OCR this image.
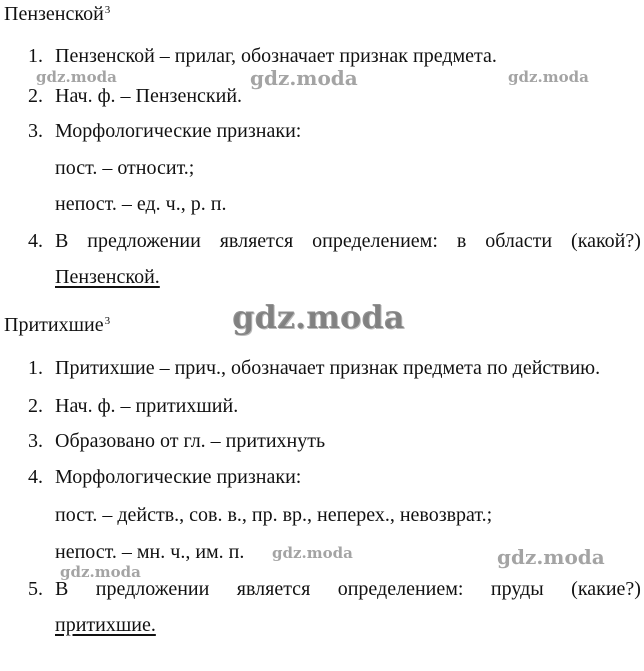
Пензенской$^3$
1. Пензенской – прилаг, обозначает признак предмета.
2. Нач. ф. – Пензенский.
3. Морфологические признаки:
пост. – относит.;
непост. – ед. ч., р. п.
4. В предложении является определением: в области (какой?)
Пензенской.
Притихшие$^3$
1. Притихшие – прич., обозначает признак предмета по действию.
2. Нач. ф. – притихший.
3. Образовано от гл. – притихнуть
4. Морфологические признаки:
пост. – действ., сов. в., пр. вр., неперех., невозврат.;
непост. – мн. ч., им. п.
5. В предложении является определением: пруды (какие?)
притихшие.
gdz.moda	gdz.moda	gdz.moda
gdz.moda
gdz.moda	gdz.moda
gdz.moda
